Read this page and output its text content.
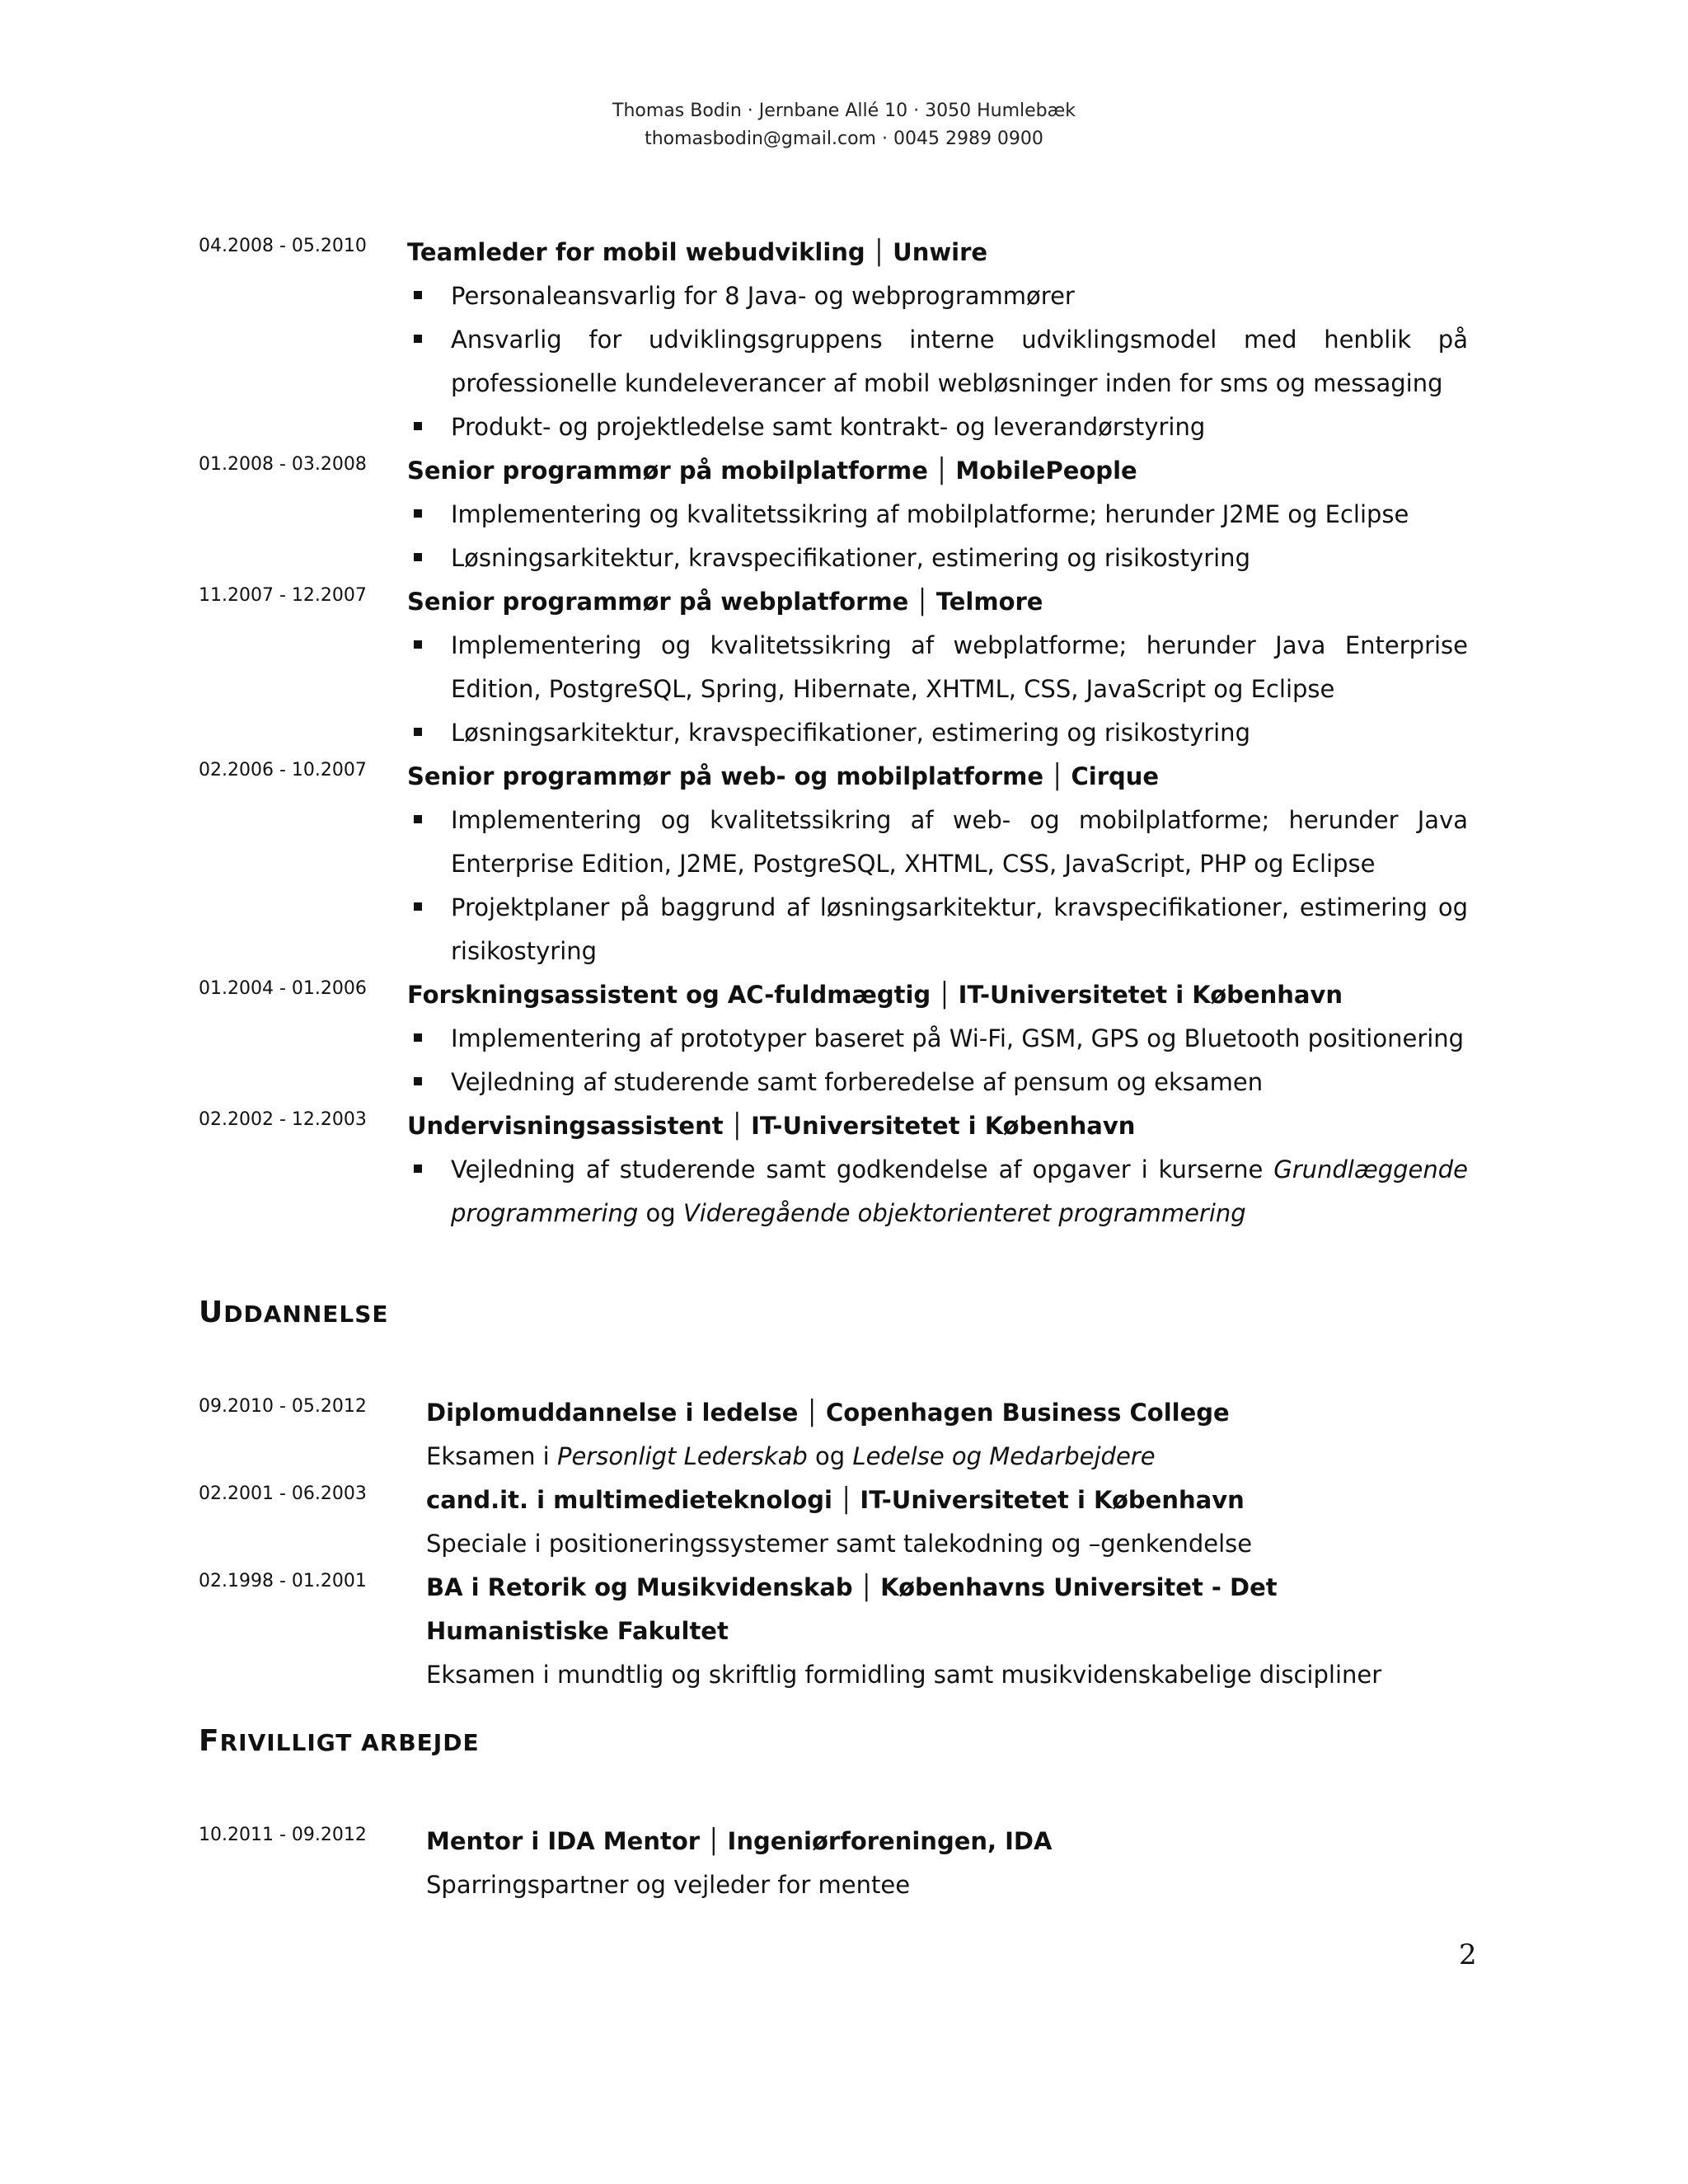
Thomas Bodin · Jernbane Allé 10 · 3050 Humlebæk
thomasbodin@gmail.com · 0045 2989 0900
04.2008 - 05.2010	Teamleder for mobil webudvikling │ Unwire
Personaleansvarlig for 8 Java- og webprogrammører
Ansvarlig for udviklingsgruppens interne udviklingsmodel med henblik på professionelle kundeleverancer af mobil webløsninger inden for sms og messaging
Produkt- og projektledelse samt kontrakt- og leverandørstyring
01.2008 - 03.2008	Senior programmør på mobilplatforme │ MobilePeople
Implementering og kvalitetssikring af mobilplatforme; herunder J2ME og Eclipse
Løsningsarkitektur, kravspecifikationer, estimering og risikostyring
11.2007 - 12.2007	Senior programmør på webplatforme │ Telmore
Implementering og kvalitetssikring af webplatforme; herunder Java Enterprise Edition, PostgreSQL, Spring, Hibernate, XHTML, CSS, JavaScript og Eclipse
Løsningsarkitektur, kravspecifikationer, estimering og risikostyring
02.2006 - 10.2007	Senior programmør på web- og mobilplatforme │ Cirque
Implementering og kvalitetssikring af web- og mobilplatforme; herunder Java Enterprise Edition, J2ME, PostgreSQL, XHTML, CSS, JavaScript, PHP og Eclipse
Projektplaner på baggrund af løsningsarkitektur, kravspecifikationer, estimering og risikostyring
01.2004 - 01.2006	Forskningsassistent og AC-fuldmægtig │ IT-Universitetet i København
Implementering af prototyper baseret på Wi-Fi, GSM, GPS og Bluetooth positionering
Vejledning af studerende samt forberedelse af pensum og eksamen
02.2002 - 12.2003	Undervisningsassistent │ IT-Universitetet i København
Vejledning af studerende samt godkendelse af opgaver i kurserne Grundlæggende programmering og Videregående objektorienteret programmering
UDDANNELSE
09.2010 - 05.2012	Diplomuddannelse i ledelse │ Copenhagen Business College
Eksamen i Personligt Lederskab og Ledelse og Medarbejdere
02.2001 - 06.2003	cand.it. i multimedieteknologi │ IT-Universitetet i København
Speciale i positioneringssystemer samt talekodning og –genkendelse
02.1998 - 01.2001	BA i Retorik og Musikvidenskab │ Københavns Universitet - Det Humanistiske Fakultet
Eksamen i mundtlig og skriftlig formidling samt musikvidenskabelige discipliner
FRIVILLIGT ARBEJDE
10.2011 - 09.2012	Mentor i IDA Mentor │ Ingeniørforeningen, IDA
Sparringspartner og vejleder for mentee
2
